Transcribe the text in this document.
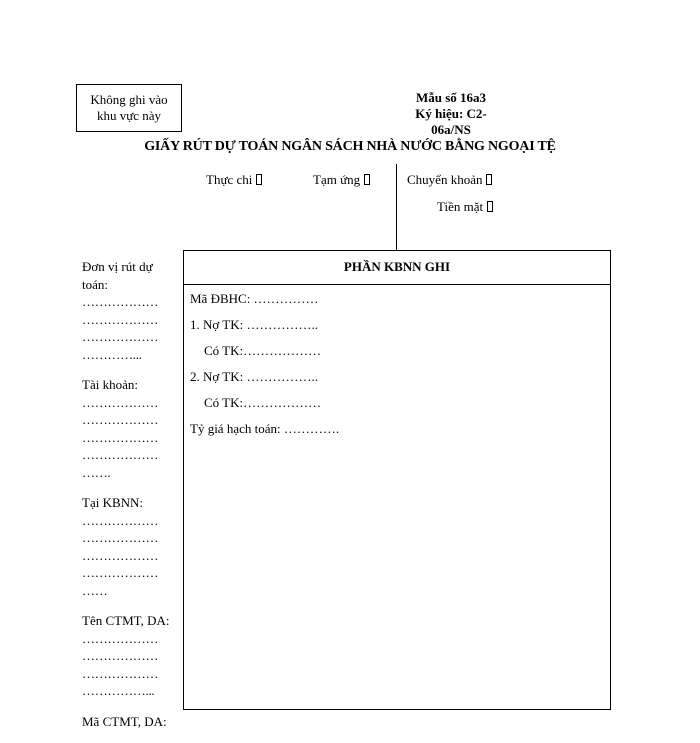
Không ghi vào
khu vực này
Mẫu số 16a3
Ký hiệu: C2-06a/NS
GIẤY RÚT DỰ TOÁN NGÂN SÁCH NHÀ NƯỚC BẰNG NGOẠI TỆ
Thực chi	Tạm ứng	Chuyển khoản
Tiền mặt
PHẦN KBNN GHI
Mã ĐBHC: ……………
1. Nợ TK: ……………..
Có TK:………………
2. Nợ TK: ……………..
Có TK:………………
Tỷ giá hạch toán: ………….
Đơn vị rút dự toán:
………………
………………
………………
…………...
Tài khoản:
………………
………………
………………
………………
…….
Tại KBNN:
………………
………………
………………
………………
……
Tên CTMT, DA:
………………
………………
………………
……………...
Mã CTMT, DA:
